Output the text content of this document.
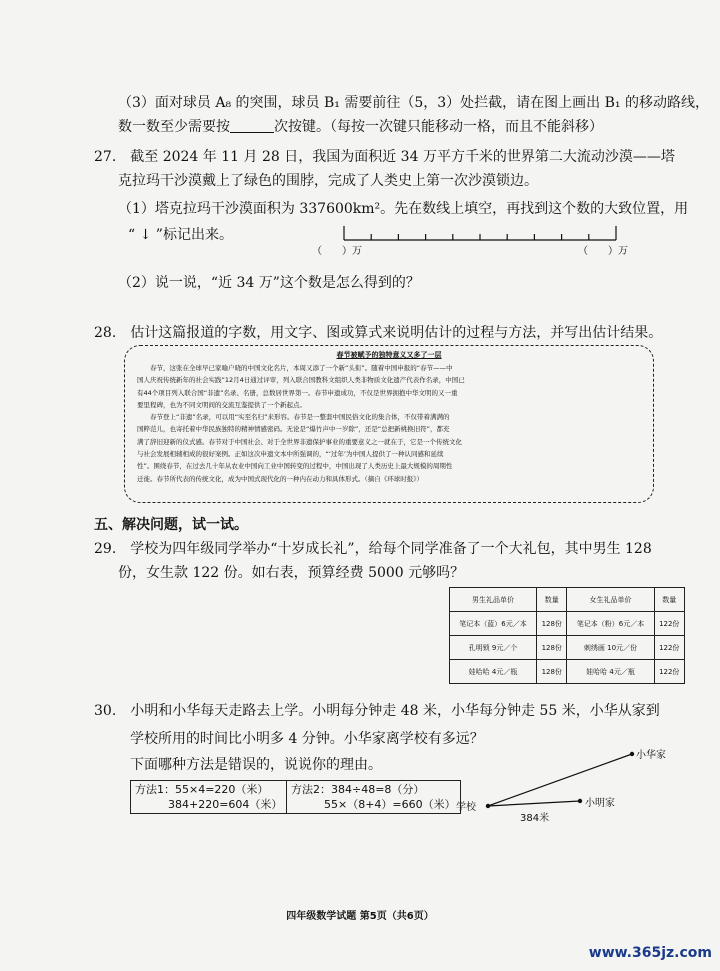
（3）面对球员 A₈ 的突围，球员 B₁ 需要前往（5，3）处拦截，请在图上画出 B₁ 的移动路线，
数一数至少需要按	次按键。（每按一次键只能移动一格，而且不能斜移）
27.　截至 2024 年 11 月 28 日，我国为面积近 34 万平方千米的世界第二大流动沙漠——塔
克拉玛干沙漠戴上了绿色的围脖，完成了人类史上第一次沙漠锁边。
（1）塔克拉玛干沙漠面积为 337600km²。先在数线上填空，再找到这个数的大致位置，用
“ ↓ ”标记出来。
（　　）万	（　　）万
（2）说一说，“近 34 万”这个数是怎么得到的？
28.　估计这篇报道的字数，用文字、图或算式来说明估计的过程与方法，并写出估计结果。
春节被赋予的独特意义又多了一层
　　春节，这张在全球早已家喻户晓的中国文化名片，本周又添了一个新“头衔”。随着中国申报的“春节——中
国人庆祝传统新年的社会实践”12月4日通过评审，列入联合国教科文组织人类非物质文化遗产代表作名录，中国已
有44个项目列入联合国“非遗”名录、名册，总数居世界第一。春节申遗成功，不仅是世界拥抱中华文明的又一重
要里程碑，也为不同文明间的交流互鉴提供了一个新起点。
　　春节登上“非遗”名录，可以用“实至名归”来形容。春节是一整套中国民俗文化的集合体，不仅带着满满的
国粹范儿，也寄托着中华民族独特的精神情感密码。无论是“爆竹声中一岁除”，还是“总把新桃换旧符”，都充
满了辞旧迎新的仪式感。春节对于中国社会、对于全世界非遗保护事业的重要意义之一就在于，它是一个传统文化
与社会发展相辅相成的很好案例。正如这次申遗文本中所强调的，“‘过年’为中国人提供了一种认同感和延续
性”。围绕春节，在过去几十年从农业中国向工业中国转变的过程中，中国出现了人类历史上最大规模的周期性
迁徙。春节所代表的传统文化，成为中国式现代化的一种内在动力和具体形式。（摘自《环球时报》）
五、解决问题，试一试。
29.　学校为四年级同学举办“十岁成长礼”，给每个同学准备了一个大礼包，其中男生 128
份，女生款 122 份。如右表，预算经费 5000 元够吗？
男生礼品单价	数量	女生礼品单价	数量
笔记本（蓝）6元／本	128份	笔记本（粉）6元／本	122份
孔明锁 9元／个	128份	刺绣画 10元／份	122份
娃哈哈 4元／瓶	128份	娃哈哈 4元／瓶	122份
30.　小明和小华每天走路去上学。小明每分钟走 48 米，小华每分钟走 55 米，小华从家到
学校所用的时间比小明多 4 分钟。小华家离学校有多远？
下面哪种方法是错误的，说说你的理由。
方法1：55×4=220（米）
　　　384+220=604（米）
方法2：384÷48=8（分）
　　　55×（8+4）=660（米） 学校
小华家
小明家
384米
四年级数学试题 第5页（共6页）
www.365jz.com
